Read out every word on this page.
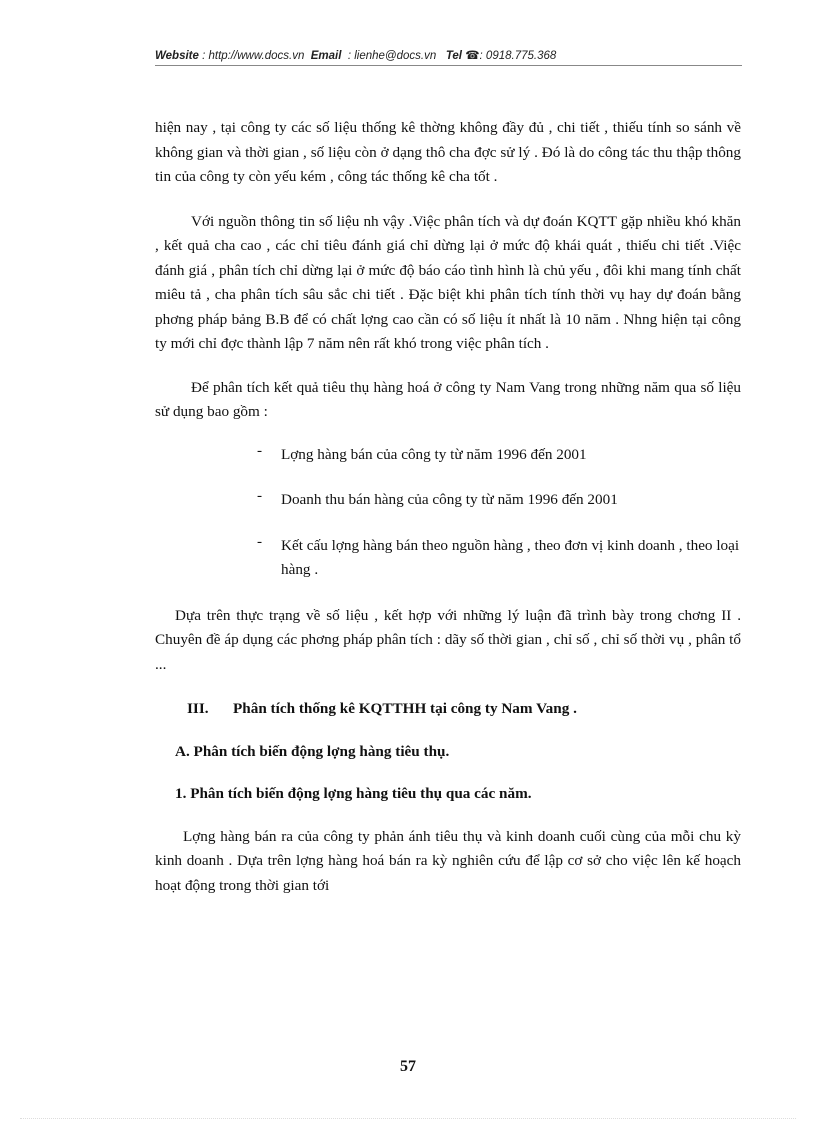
Website : http://www.docs.vn Email : lienhe@docs.vn Tel ☎: 0918.775.368

hiện nay , tại công ty các số liệu thống kê thờng không đầy đủ , chi tiết , thiếu tính so sánh về không gian và thời gian , số liệu còn ở dạng thô cha đợc sử lý . Đó là do công tác thu thập thông tin của công ty còn yếu kém , công tác thống kê cha tốt .

Với nguồn thông tin số liệu nh vậy .Việc phân tích và dự đoán KQTT gặp nhiều khó khăn , kết quả cha cao , các chỉ tiêu đánh giá chỉ dừng lại ở mức độ khái quát , thiếu chi tiết .Việc đánh giá , phân tích chỉ dừng lại ở mức độ báo cáo tình hình là chủ yếu , đôi khi mang tính chất miêu tả , cha phân tích sâu sắc chi tiết . Đặc biệt khi phân tích tính thời vụ hay dự đoán bằng phơng pháp bảng B.B để có chất lợng cao cần có số liệu ít nhất là 10 năm . Nhng hiện tại công ty mới chỉ đợc thành lập 7 năm nên rất khó trong việc phân tích .

Để phân tích kết quả tiêu thụ hàng hoá ở công ty Nam Vang trong những năm qua số liệu sử dụng bao gồm :

- Lợng hàng bán của công ty từ năm 1996 đến 2001
- Doanh thu bán hàng của công ty từ năm 1996 đến 2001
- Kết cấu lợng hàng bán theo nguồn hàng , theo đơn vị kinh doanh , theo loại hàng .

Dựa trên thực trạng về số liệu , kết hợp với những lý luận đã trình bày trong chơng II . Chuyên đề áp dụng các phơng pháp phân tích : dãy số thời gian , chỉ số , chỉ số thời vụ , phân tổ ...

III. Phân tích thống kê KQTTHH tại công ty Nam Vang .

A. Phân tích biến động lợng hàng tiêu thụ.

1. Phân tích biến động lợng hàng tiêu thụ qua các năm.

Lợng hàng bán ra của công ty phản ánh tiêu thụ và kinh doanh cuối cùng của mỗi chu kỳ kinh doanh . Dựa trên lợng hàng hoá bán ra kỳ nghiên cứu để lập cơ sở cho việc lên kế hoạch hoạt động trong thời gian tới

57
